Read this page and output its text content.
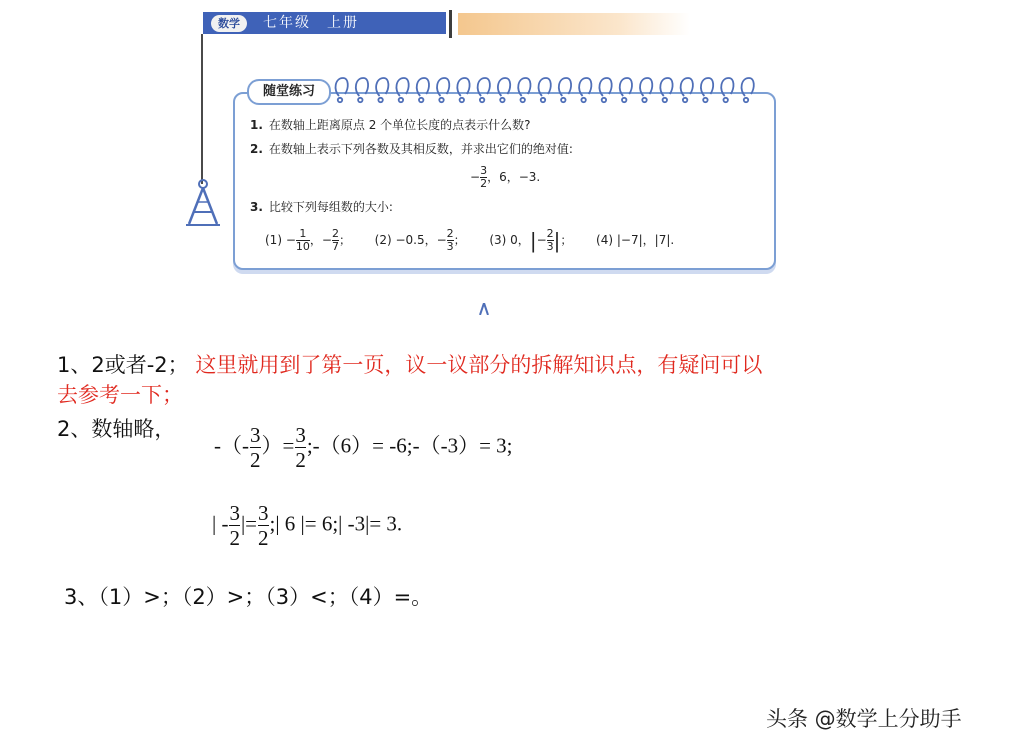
数学	七年级　上册
随堂练习
1. 在数轴上距离原点 2 个单位长度的点表示什么数?
2. 在数轴上表示下列各数及其相反数，并求出它们的绝对值:
− $\frac{3}{2}$ ，6，−3.
3. 比较下列每组数的大小:
$(1) - \frac{1}{10}$ ，− $\frac{2}{7}$ ； (2) −0.5，− $\frac{2}{3}$ ； (3) 0，|− $\frac{2}{3}$ |； (4) |−7|，|7|.
1、2或者-2； 这里就用到了第一页，议一议部分的拆解知识点，有疑问可以
去参考一下；
2、数轴略，
-（- $\frac{3}{2}$ ）= $\frac{3}{2}$ ;-（6）= -6;-（-3）= 3;
| - $\frac{3}{2}$ |= $\frac{3}{2}$ ;| 6 |= 6;| -3|= 3.
3、（1）>；（2）>；（3）<；（4）=。
头条 @数学上分助手
